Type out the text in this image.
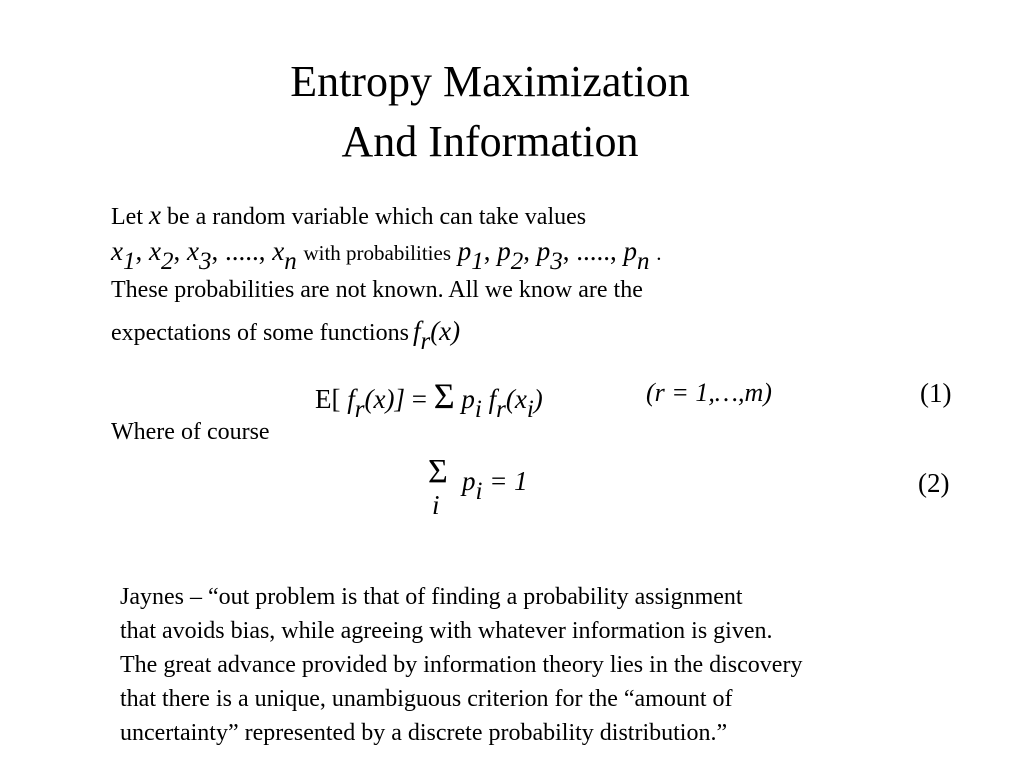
Entropy Maximization
And Information
Let x be a random variable which can take values
x1, x2, x3, ....., xn with probabilities p1, p2, p3, ....., pn .
These probabilities are not known. All we know are the
expectations of some functions fr(x)
E[ fr(x)] = Σ pi fr(xi)	(r = 1,…,m)	(1)
Where of course
Σ
i
pi = 1	(2)
Jaynes – “out problem is that of finding a probability assignment
that avoids bias, while agreeing with whatever information is given.
The great advance provided by information theory lies in the discovery
that there is a unique, unambiguous criterion for the “amount of
uncertainty” represented by a discrete probability distribution.”
